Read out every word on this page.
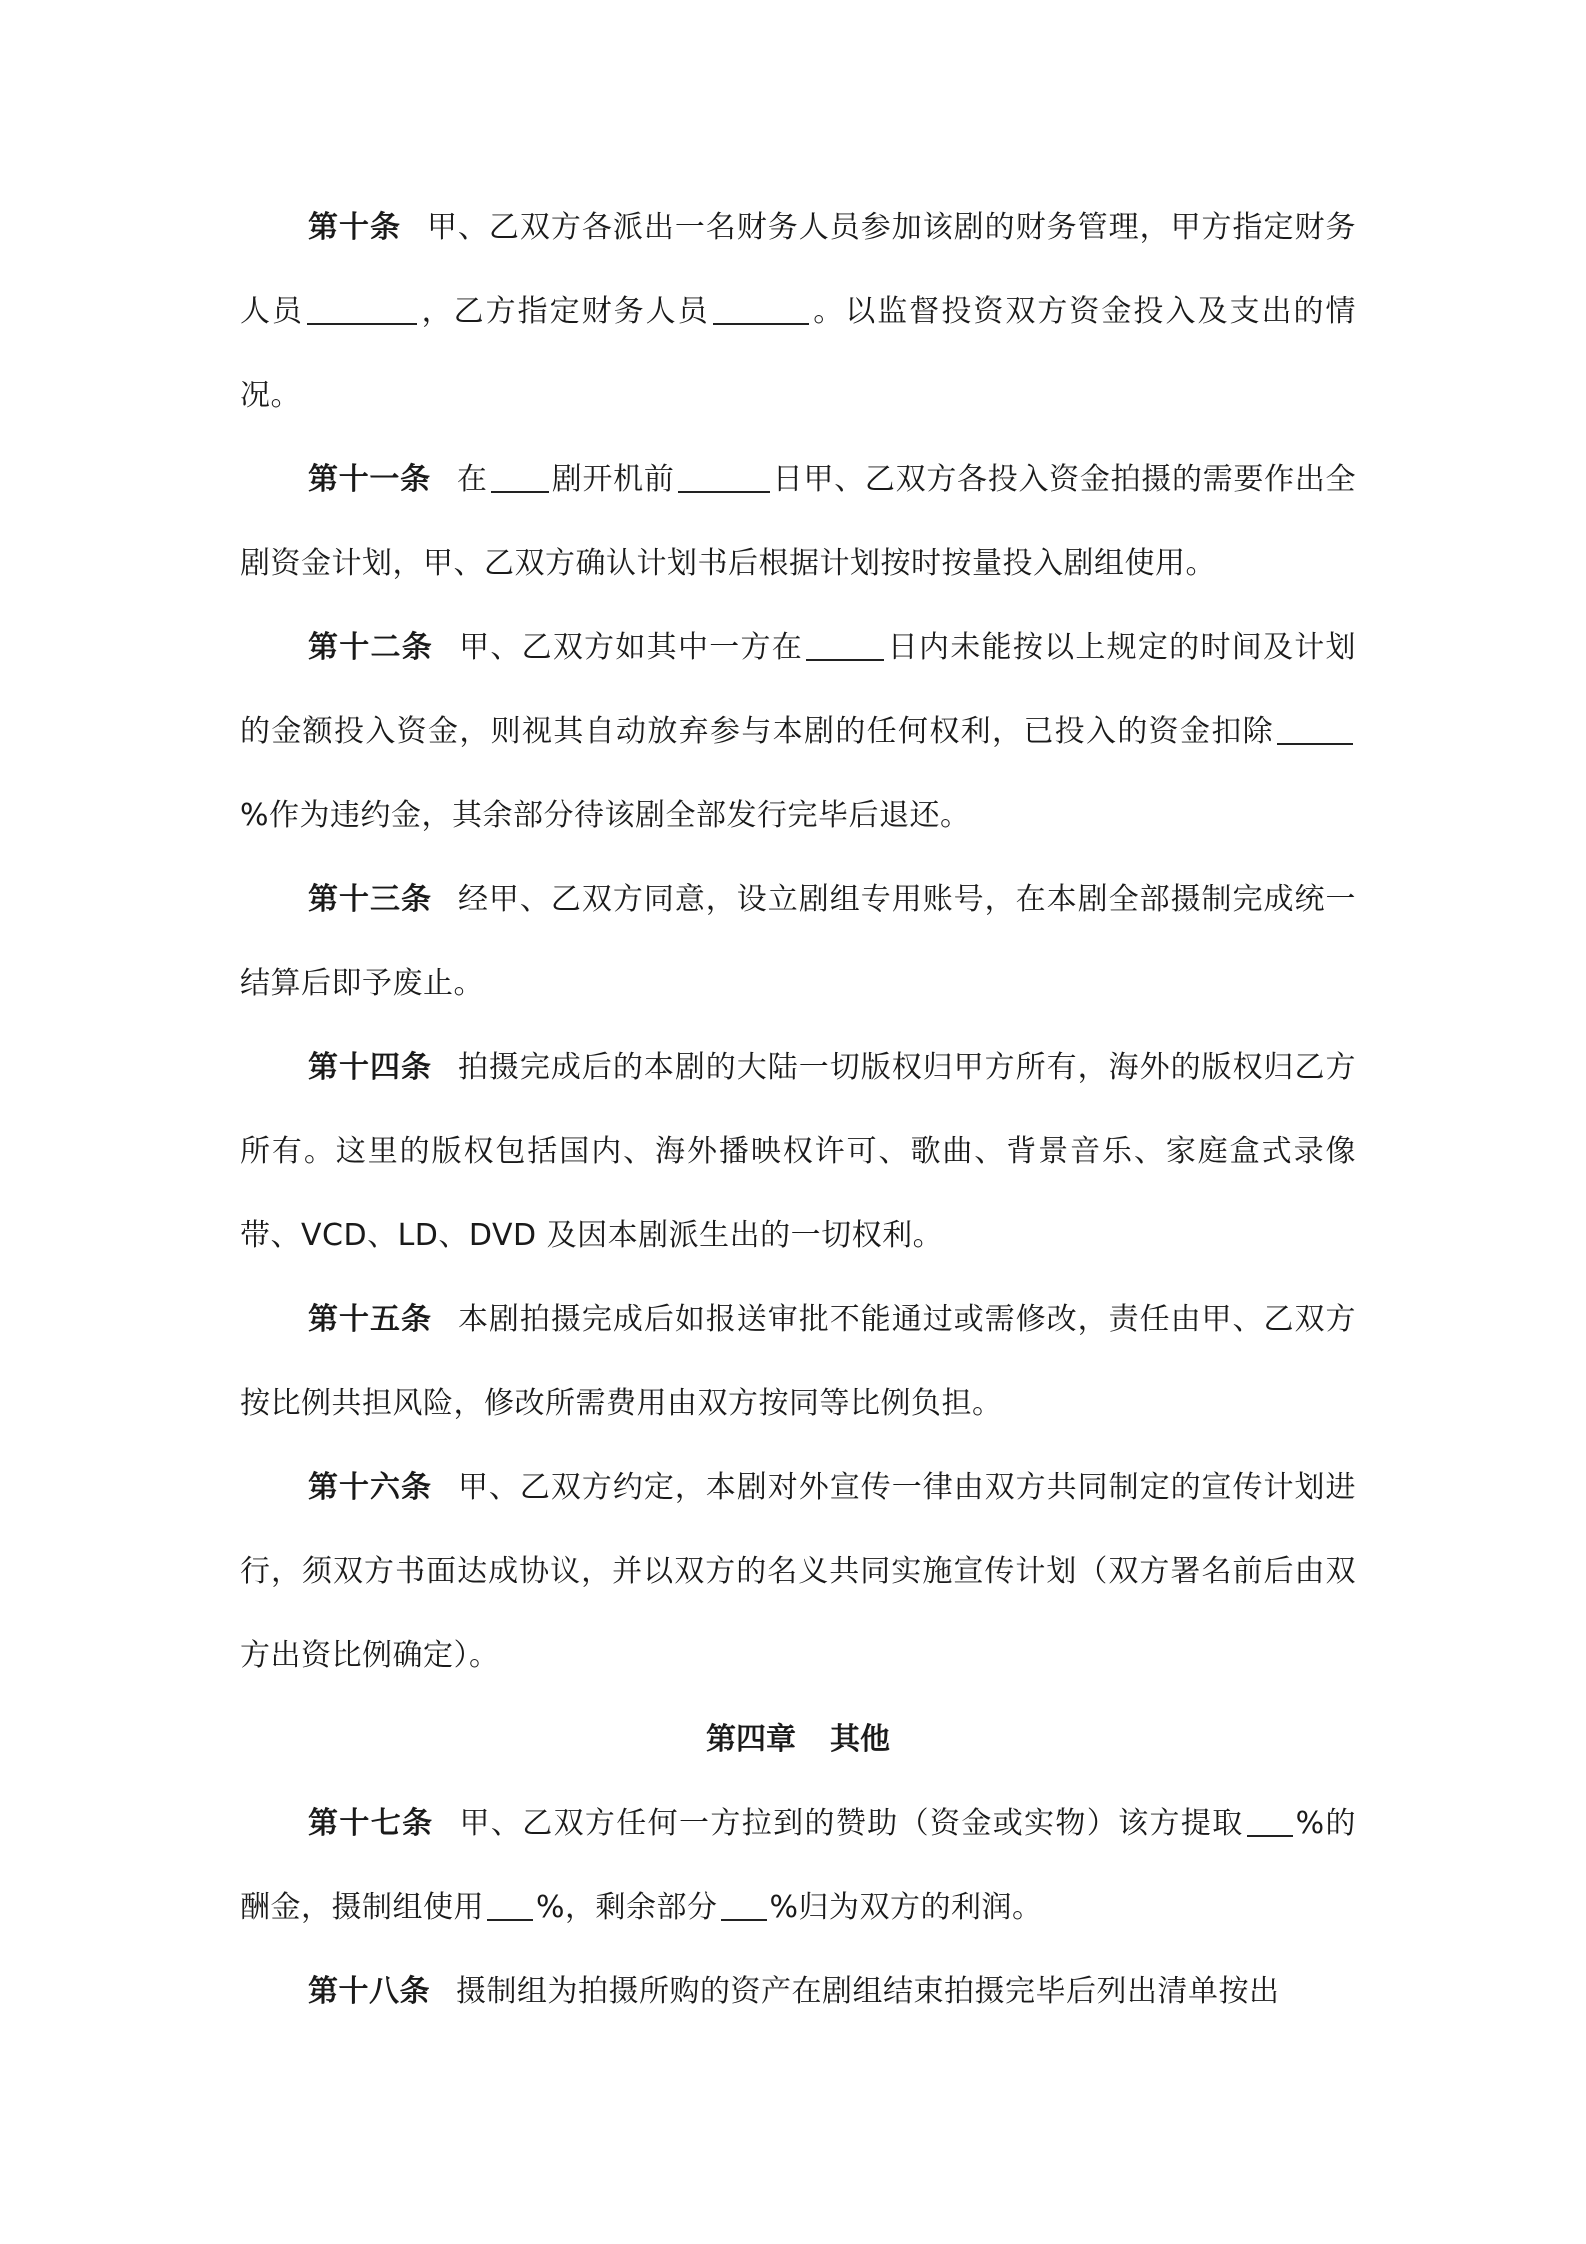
第十条 甲、乙双方各派出一名财务人员参加该剧的财务管理，甲方指定财务人员	，乙方指定财务人员	。以监督投资双方资金投入及支出的情况。

第十一条 在 剧开机前	日甲、乙双方各投入资金拍摄的需要作出全剧资金计划，甲、乙双方确认计划书后根据计划按时按量投入剧组使用。

第十二条 甲、乙双方如其中一方在	日内未能按以上规定的时间及计划的金额投入资金，则视其自动放弃参与本剧的任何权利，已投入的资金扣除%作为违约金，其余部分待该剧全部发行完毕后退还。

第十三条 经甲、乙双方同意，设立剧组专用账号，在本剧全部摄制完成统一结算后即予废止。

第十四条 拍摄完成后的本剧的大陆一切版权归甲方所有，海外的版权归乙方所有。这里的版权包括国内、海外播映权许可、歌曲、背景音乐、家庭盒式录像带、VCD、LD、DVD 及因本剧派生出的一切权利。

第十五条 本剧拍摄完成后如报送审批不能通过或需修改，责任由甲、乙双方按比例共担风险，修改所需费用由双方按同等比例负担。

第十六条 甲、乙双方约定，本剧对外宣传一律由双方共同制定的宣传计划进行，须双方书面达成协议，并以双方的名义共同实施宣传计划（双方署名前后由双方出资比例确定）。

第四章 其他

第十七条 甲、乙双方任何一方拉到的赞助（资金或实物）该方提取 %的酬金，摄制组使用 %，剩余部分 %归为双方的利润。

第十八条 摄制组为拍摄所购的资产在剧组结束拍摄完毕后列出清单按出
